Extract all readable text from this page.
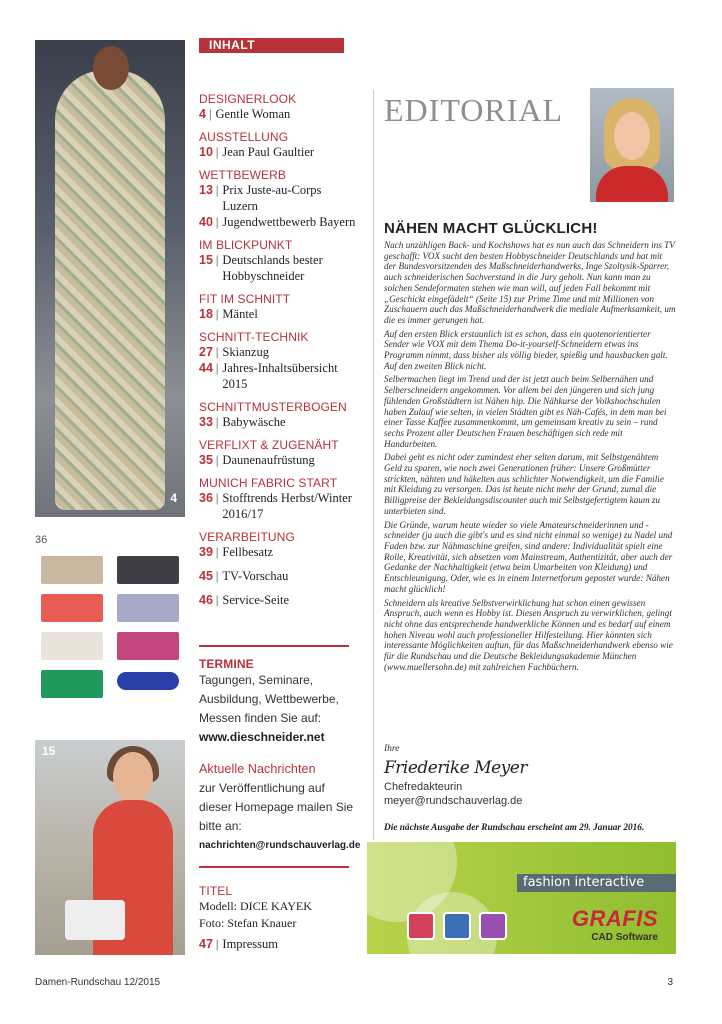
4
36
15
INHALT
DESIGNERLOOK
4 | Gentle Woman
AUSSTELLUNG
10 | Jean Paul Gaultier
WETTBEWERB
13 | Prix Juste-au-Corps Luzern
40 | Jugendwettbewerb Bayern
IM BLICKPUNKT
15 | Deutschlands bester Hobbyschneider
FIT IM SCHNITT
18 | Mäntel
SCHNITT-TECHNIK
27 | Skianzug
44 | Jahres-Inhaltsübersicht 2015
SCHNITTMUSTERBOGEN
33 | Babywäsche
VERFLIXT & ZUGENÄHT
35 | Daunenaufrüstung
MUNICH FABRIC START
36 | Stofftrends Herbst/Winter 2016/17
VERARBEITUNG
39 | Fellbesatz
45 | TV-Vorschau
46 | Service-Seite
TERMINE
Tagungen, Seminare, Ausbildung, Wettbewerbe, Messen finden Sie auf:
www.dieschneider.net
Aktuelle Nachrichten
zur Veröffentlichung auf dieser Homepage mailen Sie bitte an:
nachrichten@rundschauverlag.de
TITEL
Modell: DICE KAYEK
Foto: Stefan Knauer
47 | Impressum
EDITORIAL
NÄHEN MACHT GLÜCKLICH!

Nach unzähligen Back- und Kochshows hat es nun auch das Schneidern ins TV geschafft: VOX sucht den besten Hobbyschneider Deutschlands und hat mit der Bundesvorsitzenden des Maßschneiderhandwerks, Inge Szoltysik-Sparrer, auch schneiderischen Sachverstand in die Jury geholt. Nun kann man zu solchen Sendeformaten stehen wie man will, auf jeden Fall bekommt mit „Geschickt eingefädelt“ (Seite 15) zur Prime Time und mit Millionen von Zuschauern auch das Maßschneiderhandwerk die mediale Aufmerksamkeit, um die es immer gerungen hat.

Auf den ersten Blick erstaunlich ist es schon, dass ein quotenorientierter Sender wie VOX mit dem Thema Do-it-yourself-Schneidern etwas ins Programm nimmt, dass bisher als völlig bieder, spießig und hausbacken galt. Auf den zweiten Blick nicht.

Selbermachen liegt im Trend und der ist jetzt auch beim Selbernähen und Selberschneidern angekommen. Vor allem bei den jüngeren und sich jung fühlenden Großstädtern ist Nähen hip. Die Nähkurse der Volkshochschulen haben Zulauf wie selten, in vielen Städten gibt es Näh-Cafés, in dem man bei einer Tasse Kaffee zusammenkommt, um gemeinsam kreativ zu sein – rund sechs Prozent aller Deutschen Frauen beschäftigen sich rede mit Handarbeiten.

Dabei geht es nicht oder zumindest eher selten darum, mit Selbstgenähtem Geld zu sparen, wie noch zwei Generationen früher: Unsere Großmütter strickten, nähten und häkelten aus schlichter Notwendigkeit, um die Familie mit Kleidung zu versorgen. Das ist heute nicht mehr der Grund, zumal die Billigpreise der Bekleidungsdiscounter auch mit Selbstgefertigtem kaum zu unterbieten sind.

Die Gründe, warum heute wieder so viele Amateurschneiderinnen und -schneider (ja auch die gibt's und es sind nicht einmal so wenige) zu Nadel und Faden bzw. zur Nähmaschine greifen, sind andere: Individualität spielt eine Rolle, Kreativität, sich absetzen vom Mainstream, Authentizität, aber auch der Gedanke der Nachhaltigkeit (etwa beim Umarbeiten von Kleidung) und Entschleunigung. Oder, wie es in einem Internetforum gepostet wurde: Nähen macht glücklich!

Schneidern als kreative Selbstverwirklichung hat schon einen gewissen Anspruch, auch wenn es Hobby ist. Diesen Anspruch zu verwirklichen, gelingt nicht ohne das entsprechende handwerkliche Können und es bedarf auf einem hohen Niveau wohl auch professioneller Hilfestellung. Hier könnten sich interessante Möglichkeiten auftun, für das Maßschneiderhandwerk ebenso wie für die Rundschau und die Deutsche Bekleidungsakademie München (www.muellersohn.de) mit zahlreichen Fachbüchern.

Ihre
Friederike Meyer
Chefredakteurin
meyer@rundschauverlag.de
Die nächste Ausgabe der Rundschau erscheint am 29. Januar 2016.
fashion interactive
GRAFIS
CAD Software
Damen-Rundschau 12/2015	3
